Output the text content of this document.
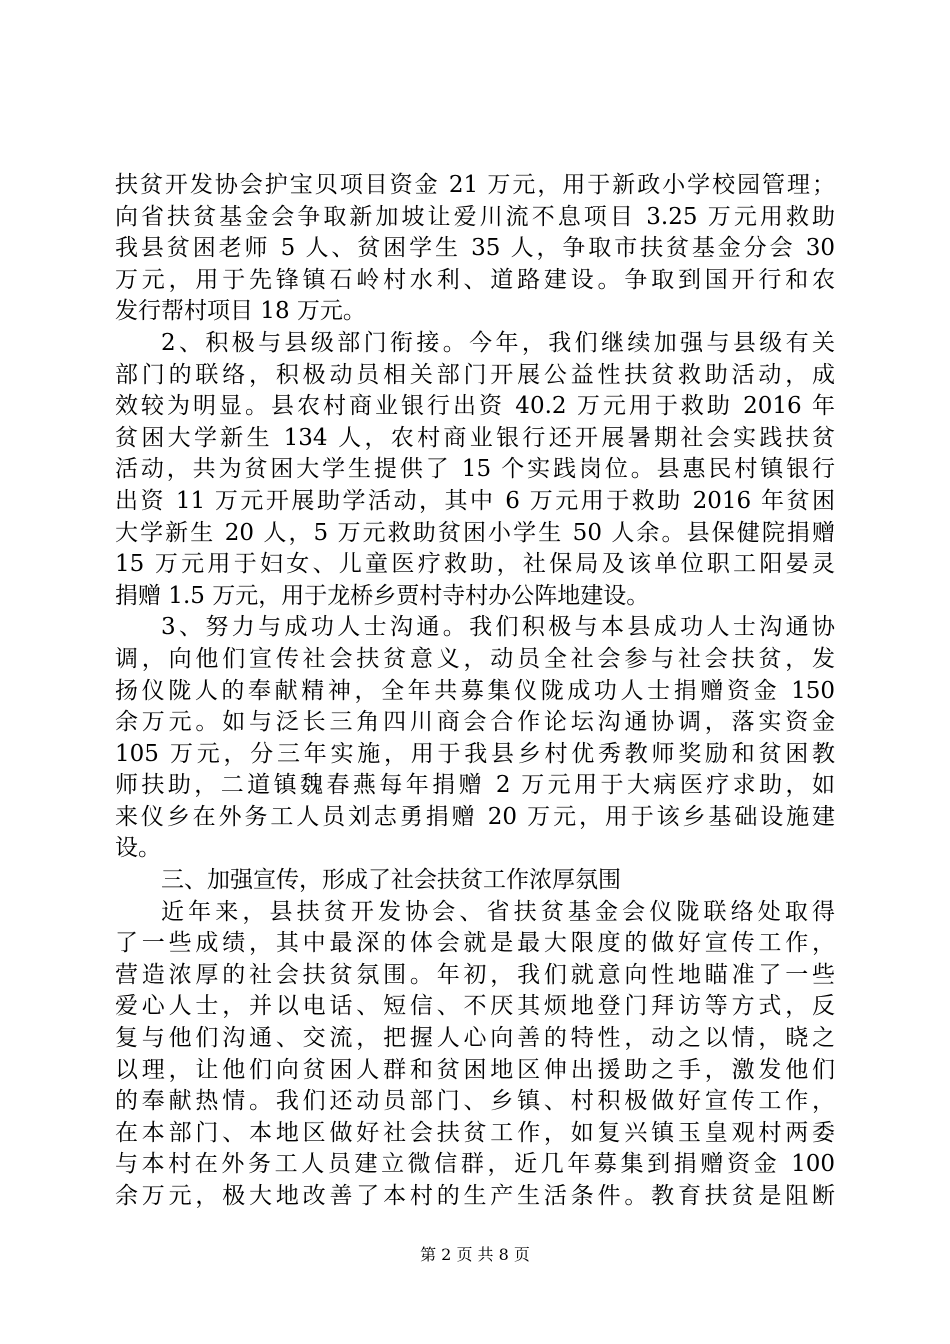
扶贫开发协会护宝贝项目资金 21 万元，用于新政小学校园管理；
向省扶贫基金会争取新加坡让爱川流不息项目 3.25 万元用救助
我县贫困老师 5 人、贫困学生 35 人，争取市扶贫基金分会 30
万元，用于先锋镇石岭村水利、道路建设。争取到国开行和农
发行帮村项目 18 万元。
2、积极与县级部门衔接。今年，我们继续加强与县级有关
部门的联络，积极动员相关部门开展公益性扶贫救助活动，成
效较为明显。县农村商业银行出资 40.2 万元用于救助 2016 年
贫困大学新生 134 人，农村商业银行还开展暑期社会实践扶贫
活动，共为贫困大学生提供了 15 个实践岗位。县惠民村镇银行
出资 11 万元开展助学活动，其中 6 万元用于救助 2016 年贫困
大学新生 20 人，5 万元救助贫困小学生 50 人余。县保健院捐赠
15 万元用于妇女、儿童医疗救助，社保局及该单位职工阳晏灵
捐赠 1.5 万元，用于龙桥乡贾村寺村办公阵地建设。
3、努力与成功人士沟通。我们积极与本县成功人士沟通协
调，向他们宣传社会扶贫意义，动员全社会参与社会扶贫，发
扬仪陇人的奉献精神，全年共募集仪陇成功人士捐赠资金 150
余万元。如与泛长三角四川商会合作论坛沟通协调，落实资金
105 万元，分三年实施，用于我县乡村优秀教师奖励和贫困教
师扶助，二道镇魏春燕每年捐赠 2 万元用于大病医疗求助，如
来仪乡在外务工人员刘志勇捐赠 20 万元，用于该乡基础设施建
设。
三、加强宣传，形成了社会扶贫工作浓厚氛围
近年来，县扶贫开发协会、省扶贫基金会仪陇联络处取得
了一些成绩，其中最深的体会就是最大限度的做好宣传工作，
营造浓厚的社会扶贫氛围。年初，我们就意向性地瞄准了一些
爱心人士，并以电话、短信、不厌其烦地登门拜访等方式，反
复与他们沟通、交流，把握人心向善的特性，动之以情，晓之
以理，让他们向贫困人群和贫困地区伸出援助之手，激发他们
的奉献热情。我们还动员部门、乡镇、村积极做好宣传工作，
在本部门、本地区做好社会扶贫工作，如复兴镇玉皇观村两委
与本村在外务工人员建立微信群，近几年募集到捐赠资金 100
余万元，极大地改善了本村的生产生活条件。教育扶贫是阻断
第 2 页 共 8 页
